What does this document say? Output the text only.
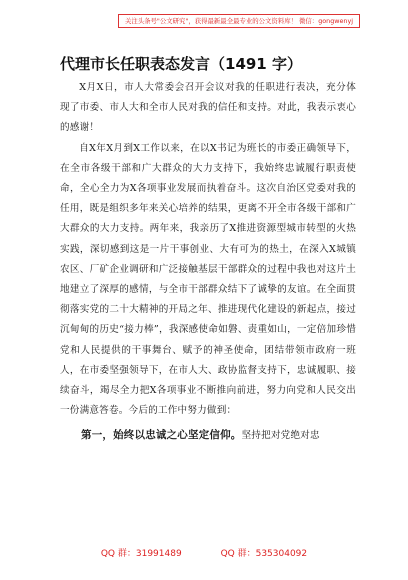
关注头条号"公文研究"，获得最新最全最专业的公文资料库！ 微信：gongwenyj
代理市长任职表态发言（1491 字）

X月X日，市人大常委会召开会议对我的任职进行表决，充分体现了市委、市人大和全市人民对我的信任和支持。对此，我表示衷心的感谢！

自X年X月到X工作以来，在以X书记为班长的市委正确领导下，在全市各级干部和广大群众的大力支持下，我始终忠诚履行职责使命，全心全力为X各项事业发展而执着奋斗。这次自治区党委对我的任用，既是组织多年来关心培养的结果，更离不开全市各级干部和广大群众的大力支持。两年来，我亲历了X推进资源型城市转型的火热实践，深切感到这是一片干事创业、大有可为的热土，在深入X城镇农区、厂矿企业调研和广泛接触基层干部群众的过程中我也对这片土地建立了深厚的感情，与全市干部群众结下了诚挚的友谊。在全面贯彻落实党的二十大精神的开局之年、推进现代化建设的新起点，接过沉甸甸的历史“接力棒”，我深感使命如磐、责重如山，一定倍加珍惜党和人民提供的干事舞台、赋予的神圣使命，团结带领市政府一班人，在市委坚强领导下，在市人大、政协监督支持下，忠诚履职、接续奋斗，竭尽全力把X各项事业不断推向前进，努力向党和人民交出一份满意答卷。今后的工作中努力做到：

第一，始终以忠诚之心坚定信仰。坚持把对党绝对忠

QQ 群：31991489	QQ 群：535304092
